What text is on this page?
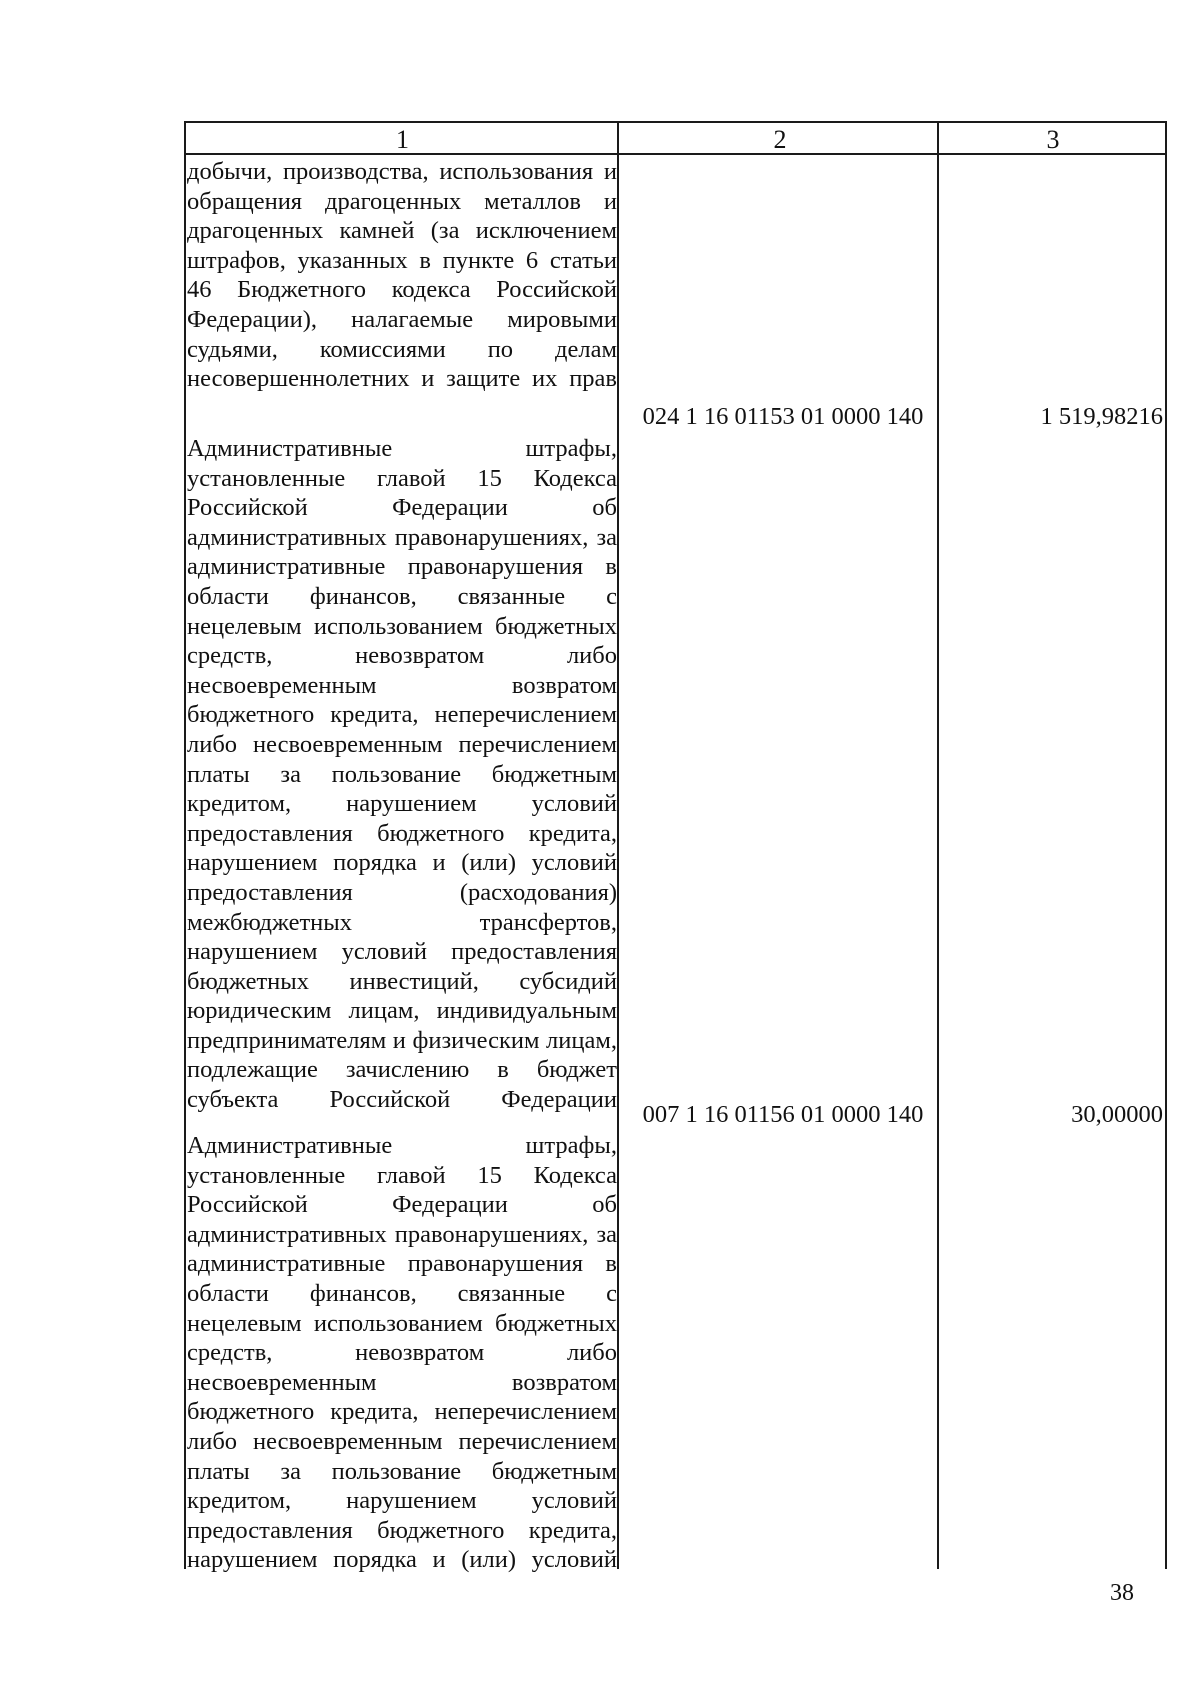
1	2	3
добычи, производства, использования и обращения драгоценных металлов и драгоценных камней (за исключением штрафов, указанных в пункте 6 статьи 46 Бюджетного кодекса Российской Федерации), налагаемые мировыми судьями, комиссиями по делам несовершеннолетних и защите их прав
024 1 16 01153 01 0000 140	1 519,98216
Административные штрафы, установленные главой 15 Кодекса Российской Федерации об административных правонарушениях, за административные правонарушения в области финансов, связанные с нецелевым использованием бюджетных средств, невозвратом либо несвоевременным возвратом бюджетного кредита, неперечислением либо несвоевременным перечислением платы за пользование бюджетным кредитом, нарушением условий предоставления бюджетного кредита, нарушением порядка и (или) условий предоставления (расходования) межбюджетных трансфертов, нарушением условий предоставления бюджетных инвестиций, субсидий юридическим лицам, индивидуальным предпринимателям и физическим лицам, подлежащие зачислению в бюджет субъекта Российской Федерации
007 1 16 01156 01 0000 140	30,00000
Административные штрафы, установленные главой 15 Кодекса Российской Федерации об административных правонарушениях, за административные правонарушения в области финансов, связанные с нецелевым использованием бюджетных средств, невозвратом либо несвоевременным возвратом бюджетного кредита, неперечислением либо несвоевременным перечислением платы за пользование бюджетным кредитом, нарушением условий предоставления бюджетного кредита, нарушением порядка и (или) условий
38
